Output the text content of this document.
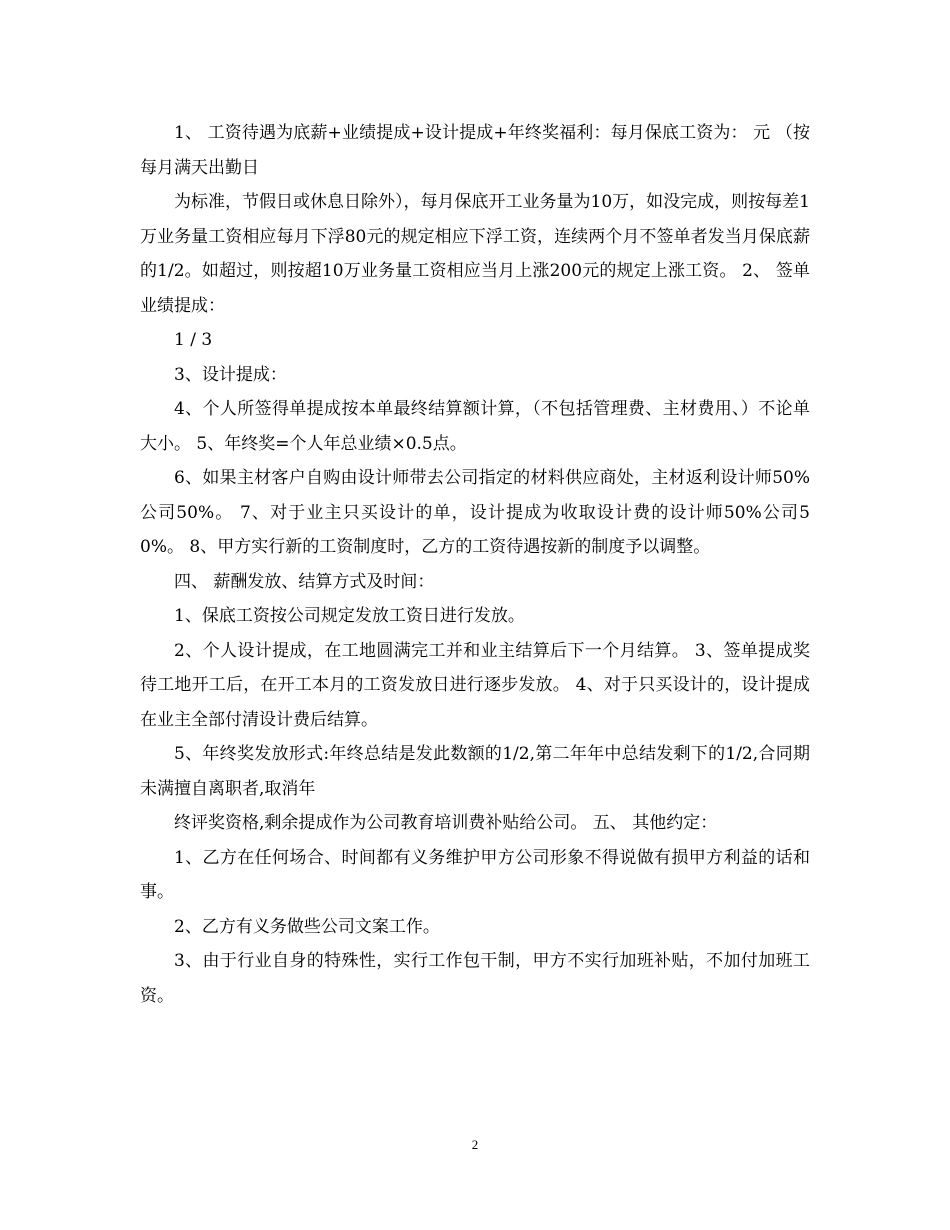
1、 工资待遇为底薪+业绩提成+设计提成+年终奖福利：每月保底工资为： 元 （按每月满天出勤日

为标准，节假日或休息日除外），每月保底开工业务量为10万，如没完成，则按每差1万业务量工资相应每月下浮80元的规定相应下浮工资，连续两个月不签单者发当月保底薪的1/2。如超过，则按超10万业务量工资相应当月上涨200元的规定上涨工资。 2、 签单业绩提成：

1 / 3

3、设计提成：

4、个人所签得单提成按本单最终结算额计算，（不包括管理费、主材费用、）不论单大小。 5、年终奖=个人年总业绩×0.5点。

6、如果主材客户自购由设计师带去公司指定的材料供应商处，主材返利设计师50%公司50%。 7、对于业主只买设计的单，设计提成为收取设计费的设计师50%公司50%。 8、甲方实行新的工资制度时，乙方的工资待遇按新的制度予以调整。

四、 薪酬发放、结算方式及时间：

1、保底工资按公司规定发放工资日进行发放。

2、个人设计提成，在工地圆满完工并和业主结算后下一个月结算。 3、签单提成奖待工地开工后，在开工本月的工资发放日进行逐步发放。 4、对于只买设计的，设计提成在业主全部付清设计费后结算。

5、年终奖发放形式:年终总结是发此数额的1/2,第二年年中总结发剩下的1/2,合同期未满擅自离职者,取消年

终评奖资格,剩余提成作为公司教育培训费补贴给公司。 五、 其他约定：

1、乙方在任何场合、时间都有义务维护甲方公司形象不得说做有损甲方利益的话和事。

2、乙方有义务做些公司文案工作。

3、由于行业自身的特殊性，实行工作包干制，甲方不实行加班补贴，不加付加班工资。

2
